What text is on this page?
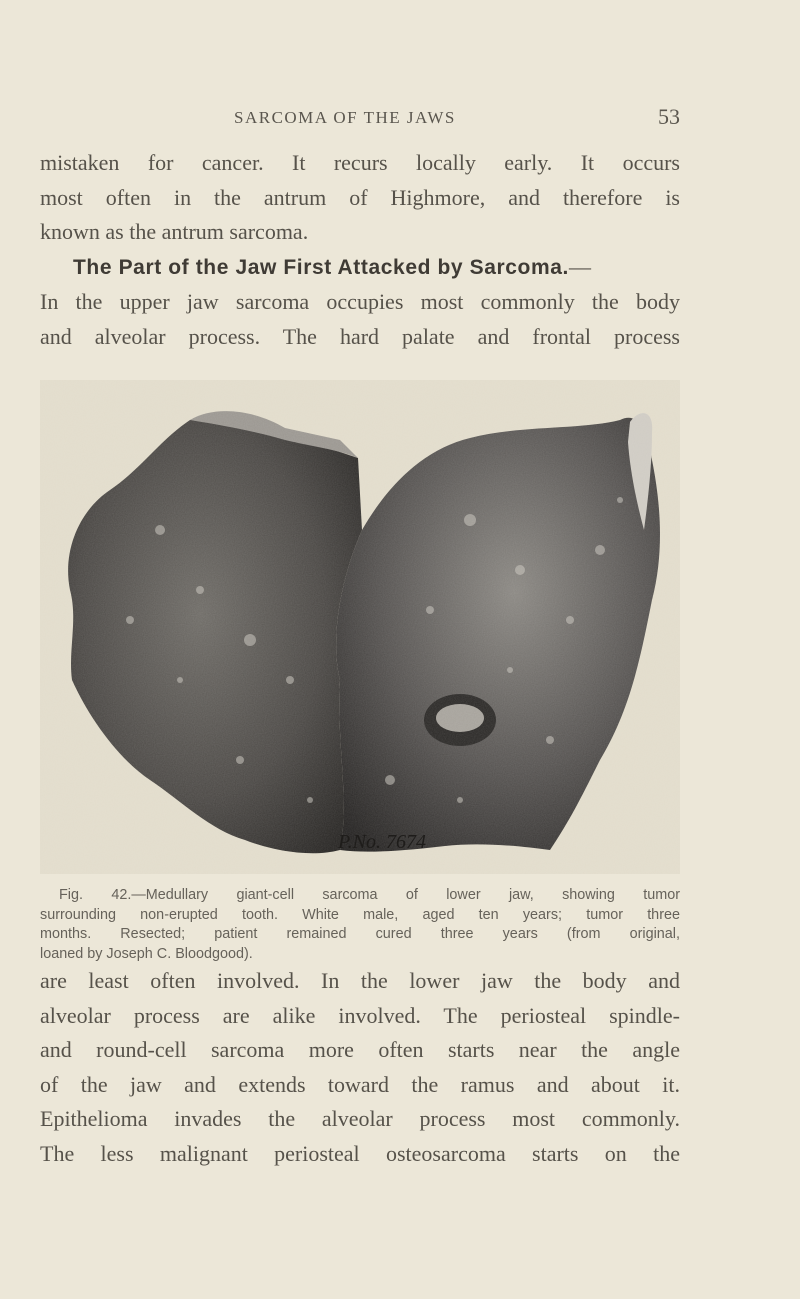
SARCOMA OF THE JAWS	53
mistaken for cancer. It recurs locally early. It occurs
most often in the antrum of Highmore, and therefore is
known as the antrum sarcoma.
The Part of the Jaw First Attacked by Sarcoma.—
In the upper jaw sarcoma occupies most commonly the body
and alveolar process. The hard palate and frontal process
P.No. 7674
Fig. 42.—Medullary giant-cell sarcoma of lower jaw, showing tumor
surrounding non-erupted tooth. White male, aged ten years; tumor three
months. Resected; patient remained cured three years (from original,
loaned by Joseph C. Bloodgood).
are least often involved. In the lower jaw the body and
alveolar process are alike involved. The periosteal spindle-
and round-cell sarcoma more often starts near the angle
of the jaw and extends toward the ramus and about it.
Epithelioma invades the alveolar process most commonly.
The less malignant periosteal osteosarcoma starts on the
